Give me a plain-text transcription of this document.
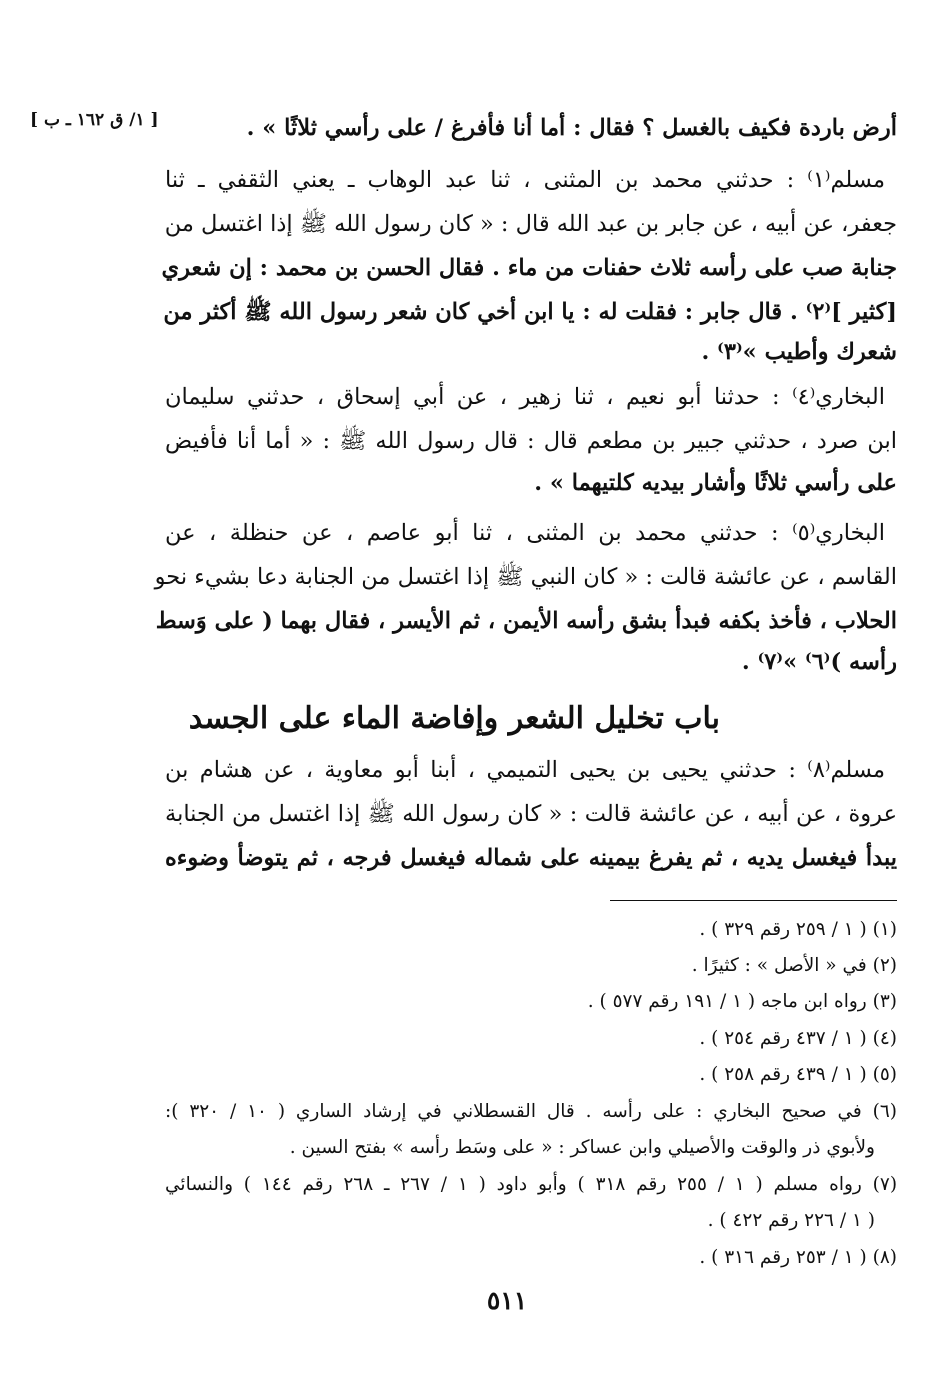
[ ١/ ق ١٦٢ ـ ب ]	أرض باردة فكيف بالغسل ؟ فقال : أما أنا فأفرغ / على رأسي ثلاثًا » .
مسلم⁽١⁾ : حدثني محمد بن المثنى ، ثنا عبد الوهاب ـ يعني الثقفي ـ ثنا
جعفر، عن أبيه ، عن جابر بن عبد الله قال : « كان رسول الله ﷺ إذا اغتسل من
جنابة صب على رأسه ثلاث حفنات من ماء . فقال الحسن بن محمد : إن شعري
[كثير ]⁽٢⁾ . قال جابر : فقلت له : يا ابن أخي كان شعر رسول الله ﷺ أكثر من
شعرك وأطيب »⁽٣⁾ .
البخاري⁽٤⁾ : حدثنا أبو نعيم ، ثنا زهير ، عن أبي إسحاق ، حدثني سليمان
ابن صرد ، حدثني جبير بن مطعم قال : قال رسول الله ﷺ : « أما أنا فأفيض
على رأسي ثلاثًا وأشار بيديه كلتيهما » .
البخاري⁽٥⁾ : حدثني محمد بن المثنى ، ثنا أبو عاصم ، عن حنظلة ، عن
القاسم ، عن عائشة قالت : « كان النبي ﷺ إذا اغتسل من الجنابة دعا بشيء نحو
الحلاب ، فأخذ بكفه فبدأ بشق رأسه الأيمن ، ثم الأيسر ، فقال بهما ( على وَسط
رأسه )⁽٦⁾ »⁽٧⁾ .
باب تخليل الشعر وإفاضة الماء على الجسد
مسلم⁽٨⁾ : حدثني يحيى بن يحيى التميمي ، أبنا أبو معاوية ، عن هشام بن
عروة ، عن أبيه ، عن عائشة قالت : « كان رسول الله ﷺ إذا اغتسل من الجنابة
يبدأ فيغسل يديه ، ثم يفرغ بيمينه على شماله فيغسل فرجه ، ثم يتوضأ وضوءه
(١) ( ١ / ٢٥٩ رقم ٣٢٩ ) .
(٢) في « الأصل » : كثيرًا .
(٣) رواه ابن ماجه ( ١ / ١٩١ رقم ٥٧٧ ) .
(٤) ( ١ / ٤٣٧ رقم ٢٥٤ ) .
(٥) ( ١ / ٤٣٩ رقم ٢٥٨ ) .
(٦) في صحيح البخاري : على رأسه . قال القسطلاني في إرشاد الساري ( ١٠ / ٣٢٠ ):
ولأبوي ذر والوقت والأصيلي وابن عساكر : « على وسَط رأسه » بفتح السين .
(٧) رواه مسلم ( ١ / ٢٥٥ رقم ٣١٨ ) وأبو داود ( ١ / ٢٦٧ ـ ٢٦٨ رقم ١٤٤ ) والنسائي
( ١ / ٢٢٦ رقم ٤٢٢ ) .
(٨) ( ١ / ٢٥٣ رقم ٣١٦ ) .
٥١١
